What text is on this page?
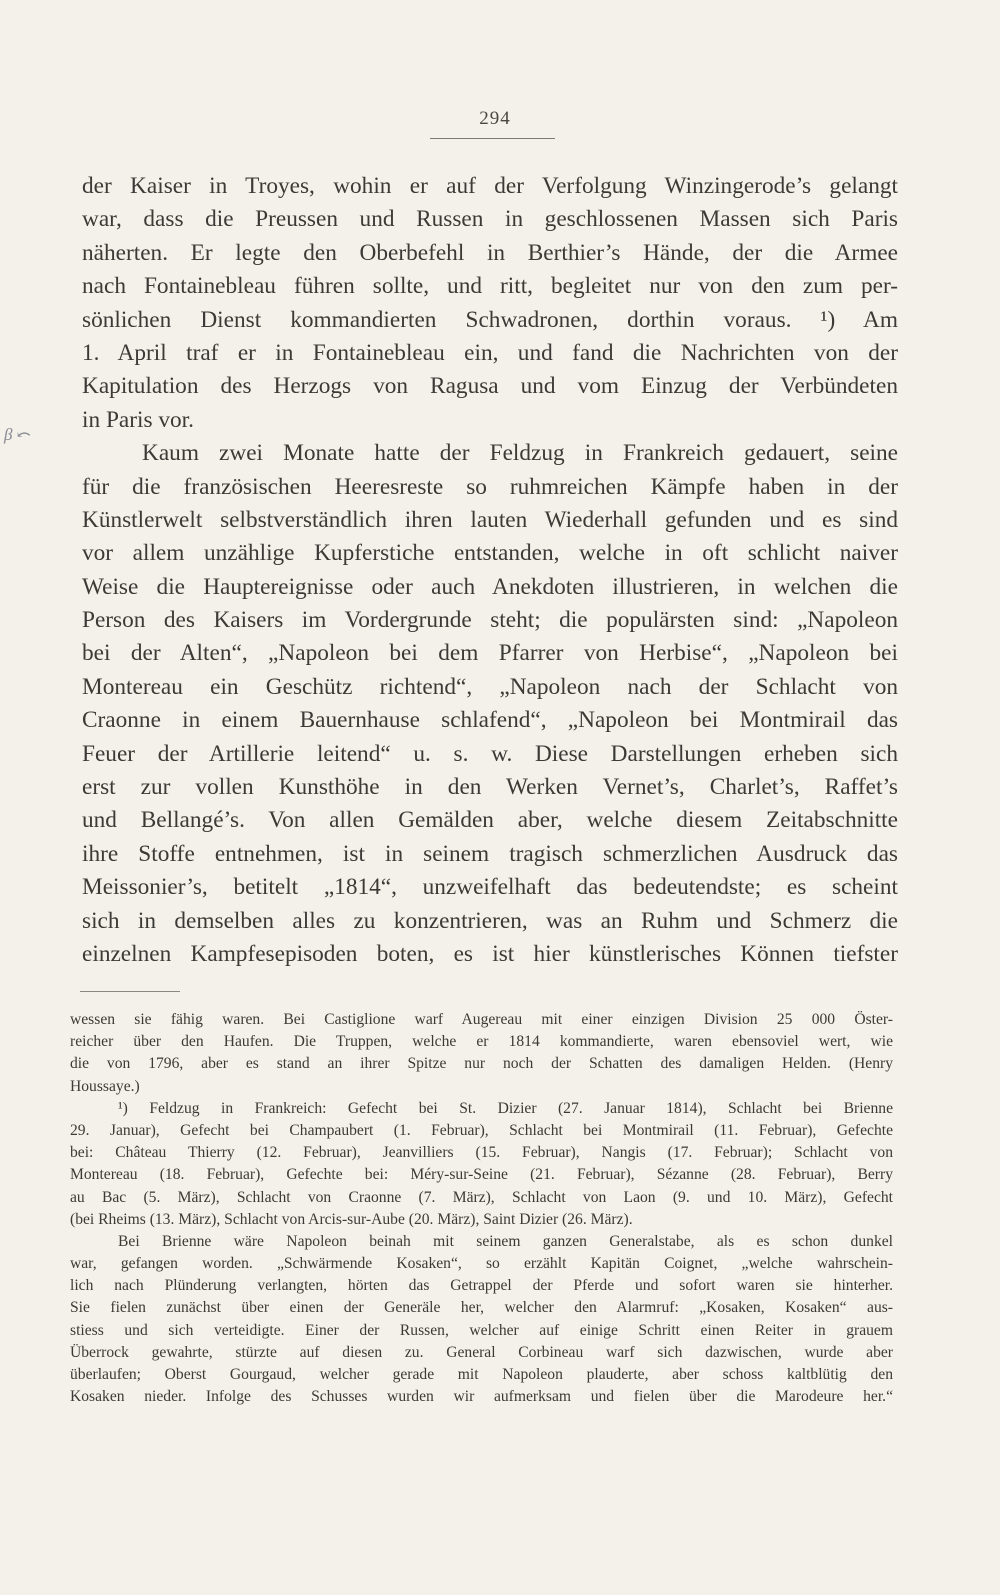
294
β ⤺
der Kaiser in Troyes, wohin er auf der Verfolgung Winzingerode’s gelangt
war, dass die Preussen und Russen in geschlossenen Massen sich Paris
näherten. Er legte den Oberbefehl in Berthier’s Hände, der die Armee
nach Fontainebleau führen sollte, und ritt, begleitet nur von den zum per-
sönlichen Dienst kommandierten Schwadronen, dorthin voraus. ¹) Am
1. April traf er in Fontainebleau ein, und fand die Nachrichten von der
Kapitulation des Herzogs von Ragusa und vom Einzug der Verbündeten
in Paris vor.
Kaum zwei Monate hatte der Feldzug in Frankreich gedauert, seine
für die französischen Heeresreste so ruhmreichen Kämpfe haben in der
Künstlerwelt selbstverständlich ihren lauten Wiederhall gefunden und es sind
vor allem unzählige Kupferstiche entstanden, welche in oft schlicht naiver
Weise die Hauptereignisse oder auch Anekdoten illustrieren, in welchen die
Person des Kaisers im Vordergrunde steht; die populärsten sind: „Napoleon
bei der Alten“, „Napoleon bei dem Pfarrer von Herbise“, „Napoleon bei
Montereau ein Geschütz richtend“, „Napoleon nach der Schlacht von
Craonne in einem Bauernhause schlafend“, „Napoleon bei Montmirail das
Feuer der Artillerie leitend“ u. s. w. Diese Darstellungen erheben sich
erst zur vollen Kunsthöhe in den Werken Vernet’s, Charlet’s, Raffet’s
und Bellangé’s. Von allen Gemälden aber, welche diesem Zeitabschnitte
ihre Stoffe entnehmen, ist in seinem tragisch schmerzlichen Ausdruck das
Meissonier’s, betitelt „1814“, unzweifelhaft das bedeutendste; es scheint
sich in demselben alles zu konzentrieren, was an Ruhm und Schmerz die
einzelnen Kampfesepisoden boten, es ist hier künstlerisches Können tiefster
wessen sie fähig waren. Bei Castiglione warf Augereau mit einer einzigen Division 25 000 Öster-
reicher über den Haufen. Die Truppen, welche er 1814 kommandierte, waren ebensoviel wert, wie
die von 1796, aber es stand an ihrer Spitze nur noch der Schatten des damaligen Helden. (Henry
Houssaye.)
¹) Feldzug in Frankreich: Gefecht bei St. Dizier (27. Januar 1814), Schlacht bei Brienne
29. Januar), Gefecht bei Champaubert (1. Februar), Schlacht bei Montmirail (11. Februar), Gefechte
bei: Château Thierry (12. Februar), Jeanvilliers (15. Februar), Nangis (17. Februar); Schlacht von
Montereau (18. Februar), Gefechte bei: Méry-sur-Seine (21. Februar), Sézanne (28. Februar), Berry
au Bac (5. März), Schlacht von Craonne (7. März), Schlacht von Laon (9. und 10. März), Gefecht
(bei Rheims (13. März), Schlacht von Arcis-sur-Aube (20. März), Saint Dizier (26. März).
Bei Brienne wäre Napoleon beinah mit seinem ganzen Generalstabe, als es schon dunkel
war, gefangen worden. „Schwärmende Kosaken“, so erzählt Kapitän Coignet, „welche wahrschein-
lich nach Plünderung verlangten, hörten das Getrappel der Pferde und sofort waren sie hinterher.
Sie fielen zunächst über einen der Generäle her, welcher den Alarmruf: „Kosaken, Kosaken“ aus-
stiess und sich verteidigte. Einer der Russen, welcher auf einige Schritt einen Reiter in grauem
Überrock gewahrte, stürzte auf diesen zu. General Corbineau warf sich dazwischen, wurde aber
überlaufen; Oberst Gourgaud, welcher gerade mit Napoleon plauderte, aber schoss kaltblütig den
Kosaken nieder. Infolge des Schusses wurden wir aufmerksam und fielen über die Marodeure her.“
